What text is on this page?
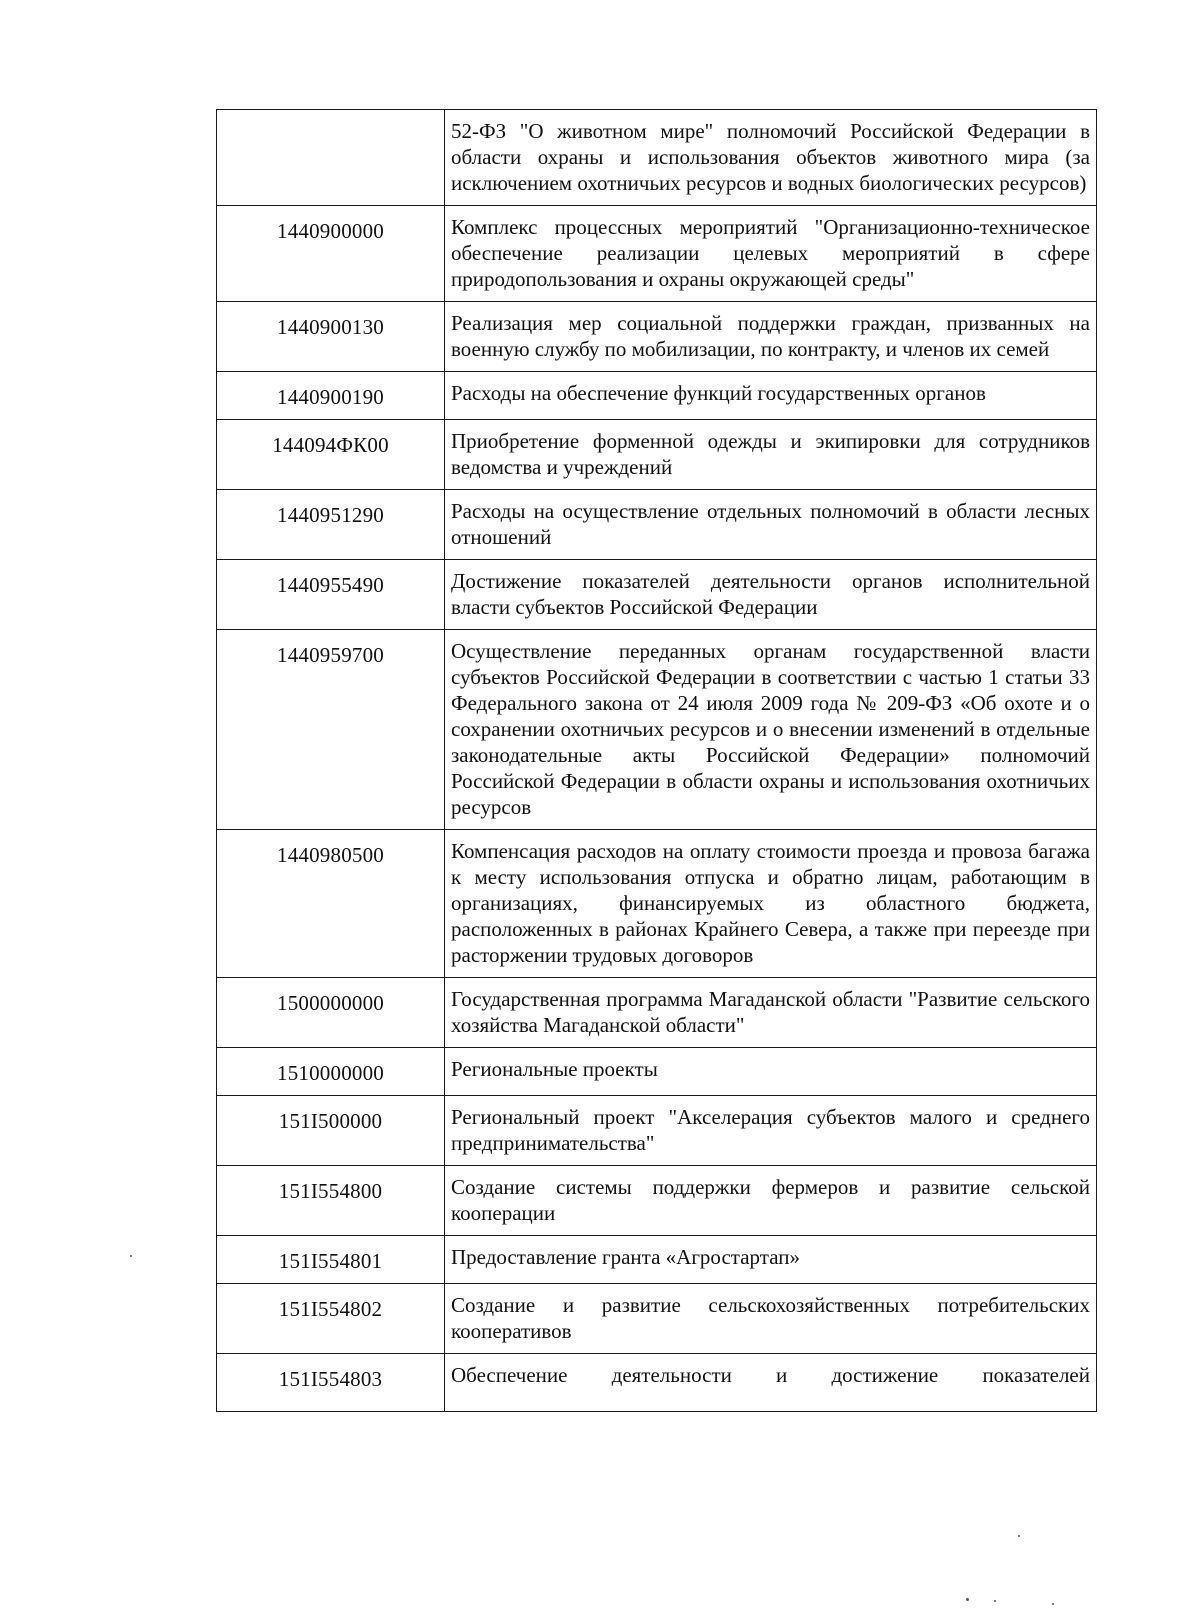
	52-ФЗ "О животном мире" полномочий Российской Федерации в области охраны и использования объектов животного мира (за исключением охотничьих ресурсов и водных биологических ресурсов)
1440900000	Комплекс процессных мероприятий "Организационно-техническое обеспечение реализации целевых мероприятий в сфере природопользования и охраны окружающей среды"
1440900130	Реализация мер социальной поддержки граждан, призванных на военную службу по мобилизации, по контракту, и членов их семей
1440900190	Расходы на обеспечение функций государственных органов
144094ФК00	Приобретение форменной одежды и экипировки для сотрудников ведомства и учреждений
1440951290	Расходы на осуществление отдельных полномочий в области лесных отношений
1440955490	Достижение показателей деятельности органов исполнительной власти субъектов Российской Федерации
1440959700	Осуществление переданных органам государственной власти субъектов Российской Федерации в соответствии с частью 1 статьи 33 Федерального закона от 24 июля 2009 года № 209-ФЗ «Об охоте и о сохранении охотничьих ресурсов и о внесении изменений в отдельные законодательные акты Российской Федерации» полномочий Российской Федерации в области охраны и использования охотничьих ресурсов
1440980500	Компенсация расходов на оплату стоимости проезда и провоза багажа к месту использования отпуска и обратно лицам, работающим в организациях, финансируемых из областного бюджета, расположенных в районах Крайнего Севера, а также при переезде при расторжении трудовых договоров
1500000000	Государственная программа Магаданской области "Развитие сельского хозяйства Магаданской области"
1510000000	Региональные проекты
151I500000	Региональный проект "Акселерация субъектов малого и среднего предпринимательства"
151I554800	Создание системы поддержки фермеров и развитие сельской кооперации
151I554801	Предоставление гранта «Агростартап»
151I554802	Создание и развитие сельскохозяйственных потребительских кооперативов
151I554803	Обеспечение деятельности и достижение показателей
